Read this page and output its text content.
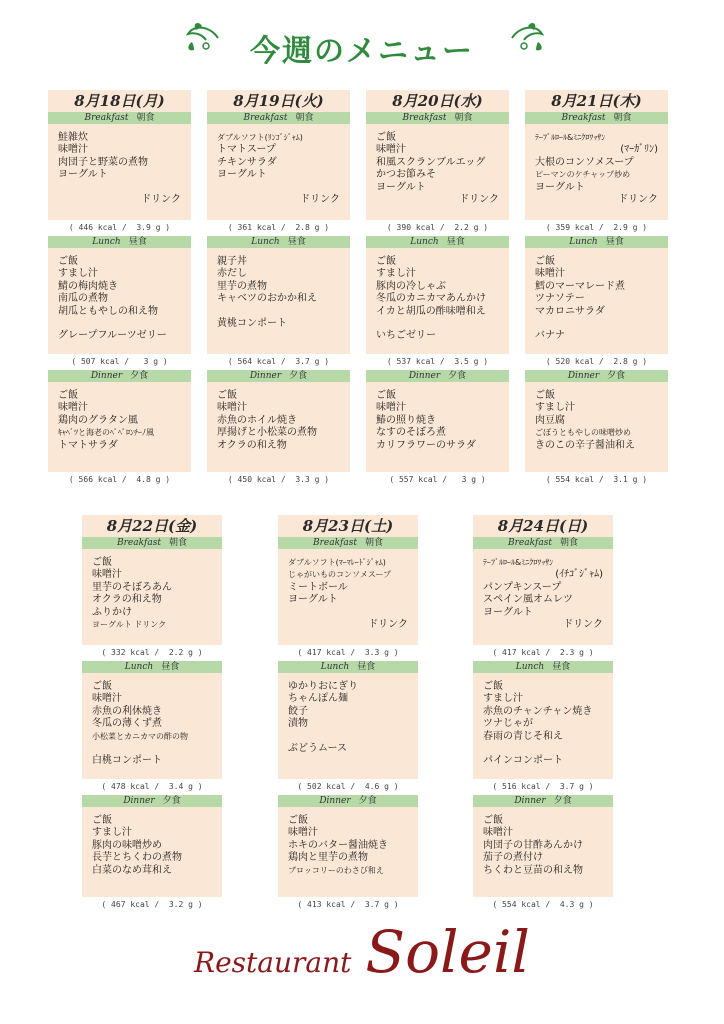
今週のメニュー
8月18日(月)
Breakfast 朝食
鮭雑炊
味噌汁
肉団子と野菜の煮物
ヨーグルト
ドリンク
( 446 kcal /  3.9 g )
Lunch 昼食
ご飯
すまし汁
鯖の梅肉焼き
南瓜の煮物
胡瓜ともやしの和え物
グレープフルーツゼリー
( 507 kcal /   3 g )
Dinner 夕食
ご飯
味噌汁
鶏肉のグラタン風
ｷｬﾍﾞﾂと海老のﾍﾟﾍﾟﾛﾝﾁｰﾉ風
トマトサラダ
( 566 kcal /  4.8 g )
8月19日(火)
Breakfast 朝食
ダブルソフト(ﾘﾝｺﾞｼﾞｬﾑ)
トマトスープ
チキンサラダ
ヨーグルト
ドリンク
( 361 kcal /  2.8 g )
Lunch 昼食
親子丼
赤だし
里芋の煮物
キャベツのおかか和え
黄桃コンポート
( 564 kcal /  3.7 g )
Dinner 夕食
ご飯
味噌汁
赤魚のホイル焼き
厚揚げと小松菜の煮物
オクラの和え物
( 450 kcal /  3.3 g )
8月20日(水)
Breakfast 朝食
ご飯
味噌汁
和風スクランブルエッグ
かつお節みそ
ヨーグルト
ドリンク
( 390 kcal /  2.2 g )
Lunch 昼食
ご飯
すまし汁
豚肉の冷しゃぶ
冬瓜のカニカマあんかけ
イカと胡瓜の酢味噌和え
いちごゼリー
( 537 kcal /  3.5 g )
Dinner 夕食
ご飯
味噌汁
鰆の照り焼き
なすのそぼろ煮
カリフラワーのサラダ
( 557 kcal /   3 g )
8月21日(木)
Breakfast 朝食
ﾃｰﾌﾞﾙﾛｰﾙ&ﾐﾆｸﾛﾜｯｻﾝ
(ﾏｰｶﾞﾘﾝ)
大根のコンソメスープ
ピーマンのケチャップ炒め
ヨーグルト
ドリンク
( 359 kcal /  2.9 g )
Lunch 昼食
ご飯
味噌汁
鱈のマーマレード煮
ツナソテー
マカロニサラダ
バナナ
( 520 kcal /  2.8 g )
Dinner 夕食
ご飯
すまし汁
肉豆腐
ごぼうともやしの味噌炒め
きのこの辛子醤油和え
( 554 kcal /  3.1 g )
8月22日(金)
Breakfast 朝食
ご飯
味噌汁
里芋のそぼろあん
オクラの和え物
ふりかけ
ヨーグルト ドリンク
( 332 kcal /  2.2 g )
Lunch 昼食
ご飯
味噌汁
赤魚の利休焼き
冬瓜の薄くず煮
小松菜とカニカマの酢の物
白桃コンポート
( 478 kcal /  3.4 g )
Dinner 夕食
ご飯
すまし汁
豚肉の味噌炒め
長芋とちくわの煮物
白菜のなめ茸和え
( 467 kcal /  3.2 g )
8月23日(土)
Breakfast 朝食
ダブルソフト(ﾏｰﾏﾚｰﾄﾞｼﾞｬﾑ)
じゃがいものコンソメスープ
ミートボール
ヨーグルト
ドリンク
( 417 kcal /  3.3 g )
Lunch 昼食
ゆかりおにぎり
ちゃんぽん麺
餃子
漬物
ぶどうムース
( 502 kcal /  4.6 g )
Dinner 夕食
ご飯
味噌汁
ホキのバター醤油焼き
鶏肉と里芋の煮物
ブロッコリーのわさび和え
( 413 kcal /  3.7 g )
8月24日(日)
Breakfast 朝食
ﾃｰﾌﾞﾙﾛｰﾙ&ﾐﾆｸﾛﾜｯｻﾝ
(ｲﾁｺﾞｼﾞｬﾑ)
パンプキンスープ
スペイン風オムレツ
ヨーグルト
ドリンク
( 417 kcal /  2.3 g )
Lunch 昼食
ご飯
すまし汁
赤魚のチャンチャン焼き
ツナじゃが
春雨の青じそ和え
パインコンポート
( 516 kcal /  3.7 g )
Dinner 夕食
ご飯
味噌汁
肉団子の甘酢あんかけ
茄子の煮付け
ちくわと豆苗の和え物
( 554 kcal /  4.3 g )
Restaurant Soleil
